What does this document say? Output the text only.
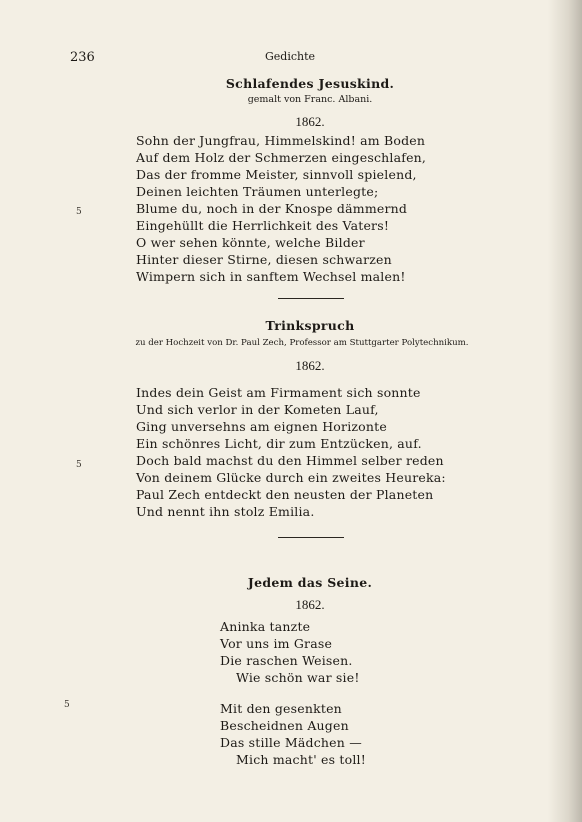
236	Gedichte
Schlafendes Jesuskind.
gemalt von Franc. Albani.
1862.
Sohn der Jungfrau, Himmelskind! am Boden
Auf dem Holz der Schmerzen eingeschlafen,
Das der fromme Meister, sinnvoll spielend,
Deinen leichten Träumen unterlegte;
Blume du, noch in der Knospe dämmernd
Eingehüllt die Herrlichkeit des Vaters!
O wer sehen könnte, welche Bilder
Hinter dieser Stirne, diesen schwarzen
Wimpern sich in sanftem Wechsel malen!
5
Trinkspruch
zu der Hochzeit von Dr. Paul Zech, Professor am Stuttgarter Polytechnikum.
1862.
Indes dein Geist am Firmament sich sonnte
Und sich verlor in der Kometen Lauf,
Ging unversehns am eignen Horizonte
Ein schönres Licht, dir zum Entzücken, auf.
Doch bald machst du den Himmel selber reden
Von deinem Glücke durch ein zweites Heureka:
Paul Zech entdeckt den neusten der Planeten
Und nennt ihn stolz Emilia.
5
Jedem das Seine.
1862.
Aninka tanzte
Vor uns im Grase
Die raschen Weisen.
Wie schön war sie!
Mit den gesenkten
Bescheidnen Augen
Das stille Mädchen —
Mich macht' es toll!
5
